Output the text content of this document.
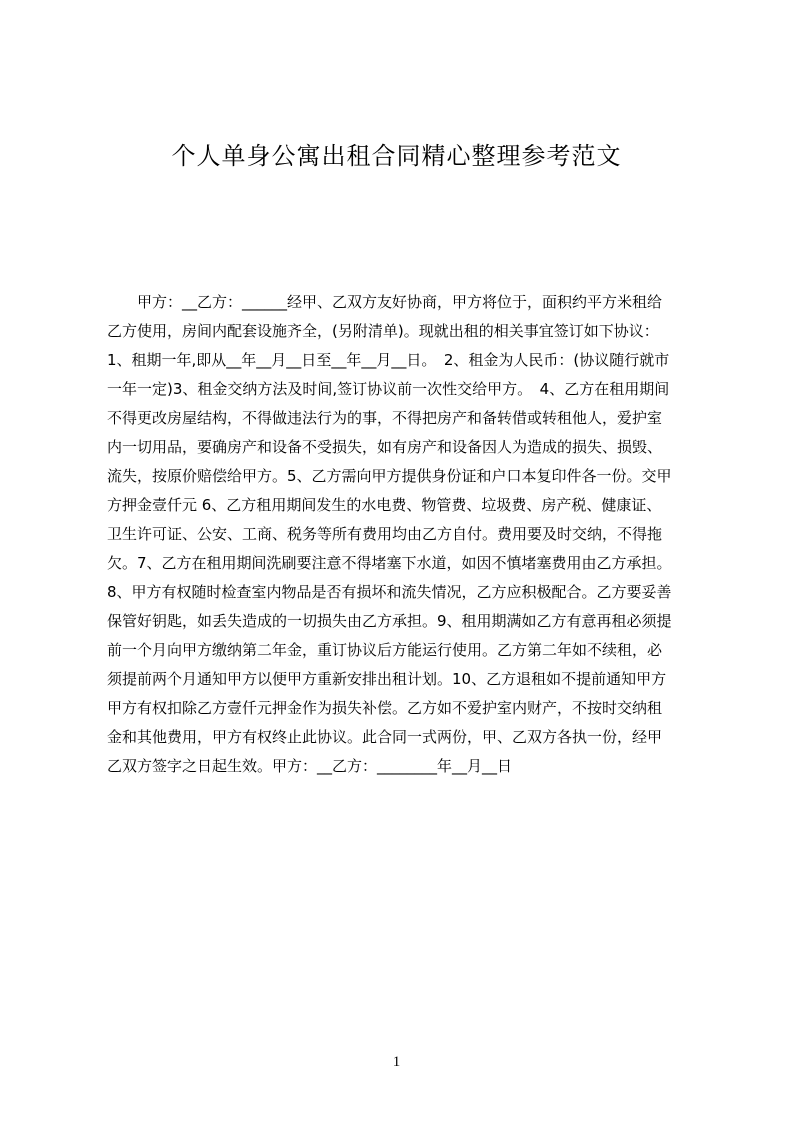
个人单身公寓出租合同精心整理参考范文
　　甲方：__乙方：______经甲、乙双方友好协商，甲方将位于，面积约平方米租给
乙方使用，房间内配套设施齐全，(另附清单)。现就出租的相关事宜签订如下协议：
1、租期一年,即从__年__月__日至__年__月__日。　2、租金为人民币：(协议随行就市
一年一定)3、租金交纳方法及时间,签订协议前一次性交给甲方。　4、乙方在租用期间
不得更改房屋结构，不得做违法行为的事，不得把房产和备转借或转租他人，爱护室
内一切用品，要确房产和设备不受损失，如有房产和设备因人为造成的损失、损毁、
流失，按原价赔偿给甲方。5、乙方需向甲方提供身份证和户口本复印件各一份。交甲
方押金壹仟元 6、乙方租用期间发生的水电费、物管费、垃圾费、房产税、健康证、
卫生许可证、公安、工商、税务等所有费用均由乙方自付。费用要及时交纳，不得拖
欠。7、乙方在租用期间洗刷要注意不得堵塞下水道，如因不慎堵塞费用由乙方承担。
8、甲方有权随时检查室内物品是否有损坏和流失情况，乙方应积极配合。乙方要妥善
保管好钥匙，如丢失造成的一切损失由乙方承担。9、租用期满如乙方有意再租必须提
前一个月向甲方缴纳第二年金，重订协议后方能运行使用。乙方第二年如不续租，必
须提前两个月通知甲方以便甲方重新安排出租计划。10、乙方退租如不提前通知甲方
甲方有权扣除乙方壹仟元押金作为损失补偿。乙方如不爱护室内财产，不按时交纳租
金和其他费用，甲方有权终止此协议。此合同一式两份，甲、乙双方各执一份，经甲
乙双方签字之日起生效。甲方：__乙方：________年__月__日
1
